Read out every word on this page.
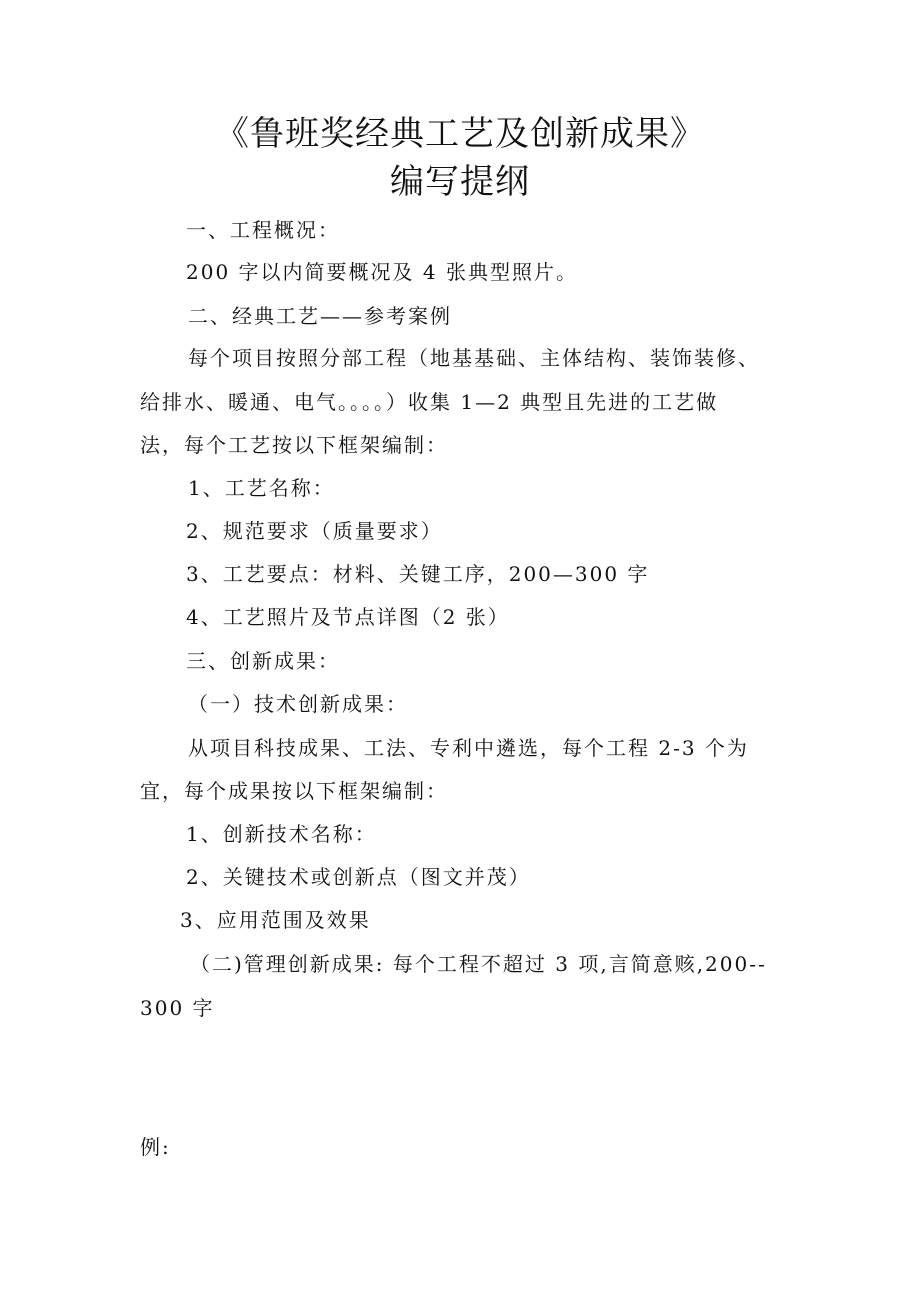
《鲁班奖经典工艺及创新成果》
编写提纲
一、工程概况：
200 字以内简要概况及 4 张典型照片。
二、经典工艺——参考案例
每个项目按照分部工程（地基基础、主体结构、装饰装修、
给排水、暖通、电气。。。。）收集 1—2 典型且先进的工艺做
法，每个工艺按以下框架编制：
1、工艺名称：
2、规范要求（质量要求）
3、工艺要点：材料、关键工序，200—300 字
4、工艺照片及节点详图（2 张）
三、创新成果：
（一）技术创新成果：
从项目科技成果、工法、专利中遴选，每个工程 2-3 个为
宜，每个成果按以下框架编制：
1、创新技术名称：
2、关键技术或创新点（图文并茂）
3、应用范围及效果
（二)管理创新成果: 每个工程不超过 3 项,言简意赅,200--
300 字
例:
